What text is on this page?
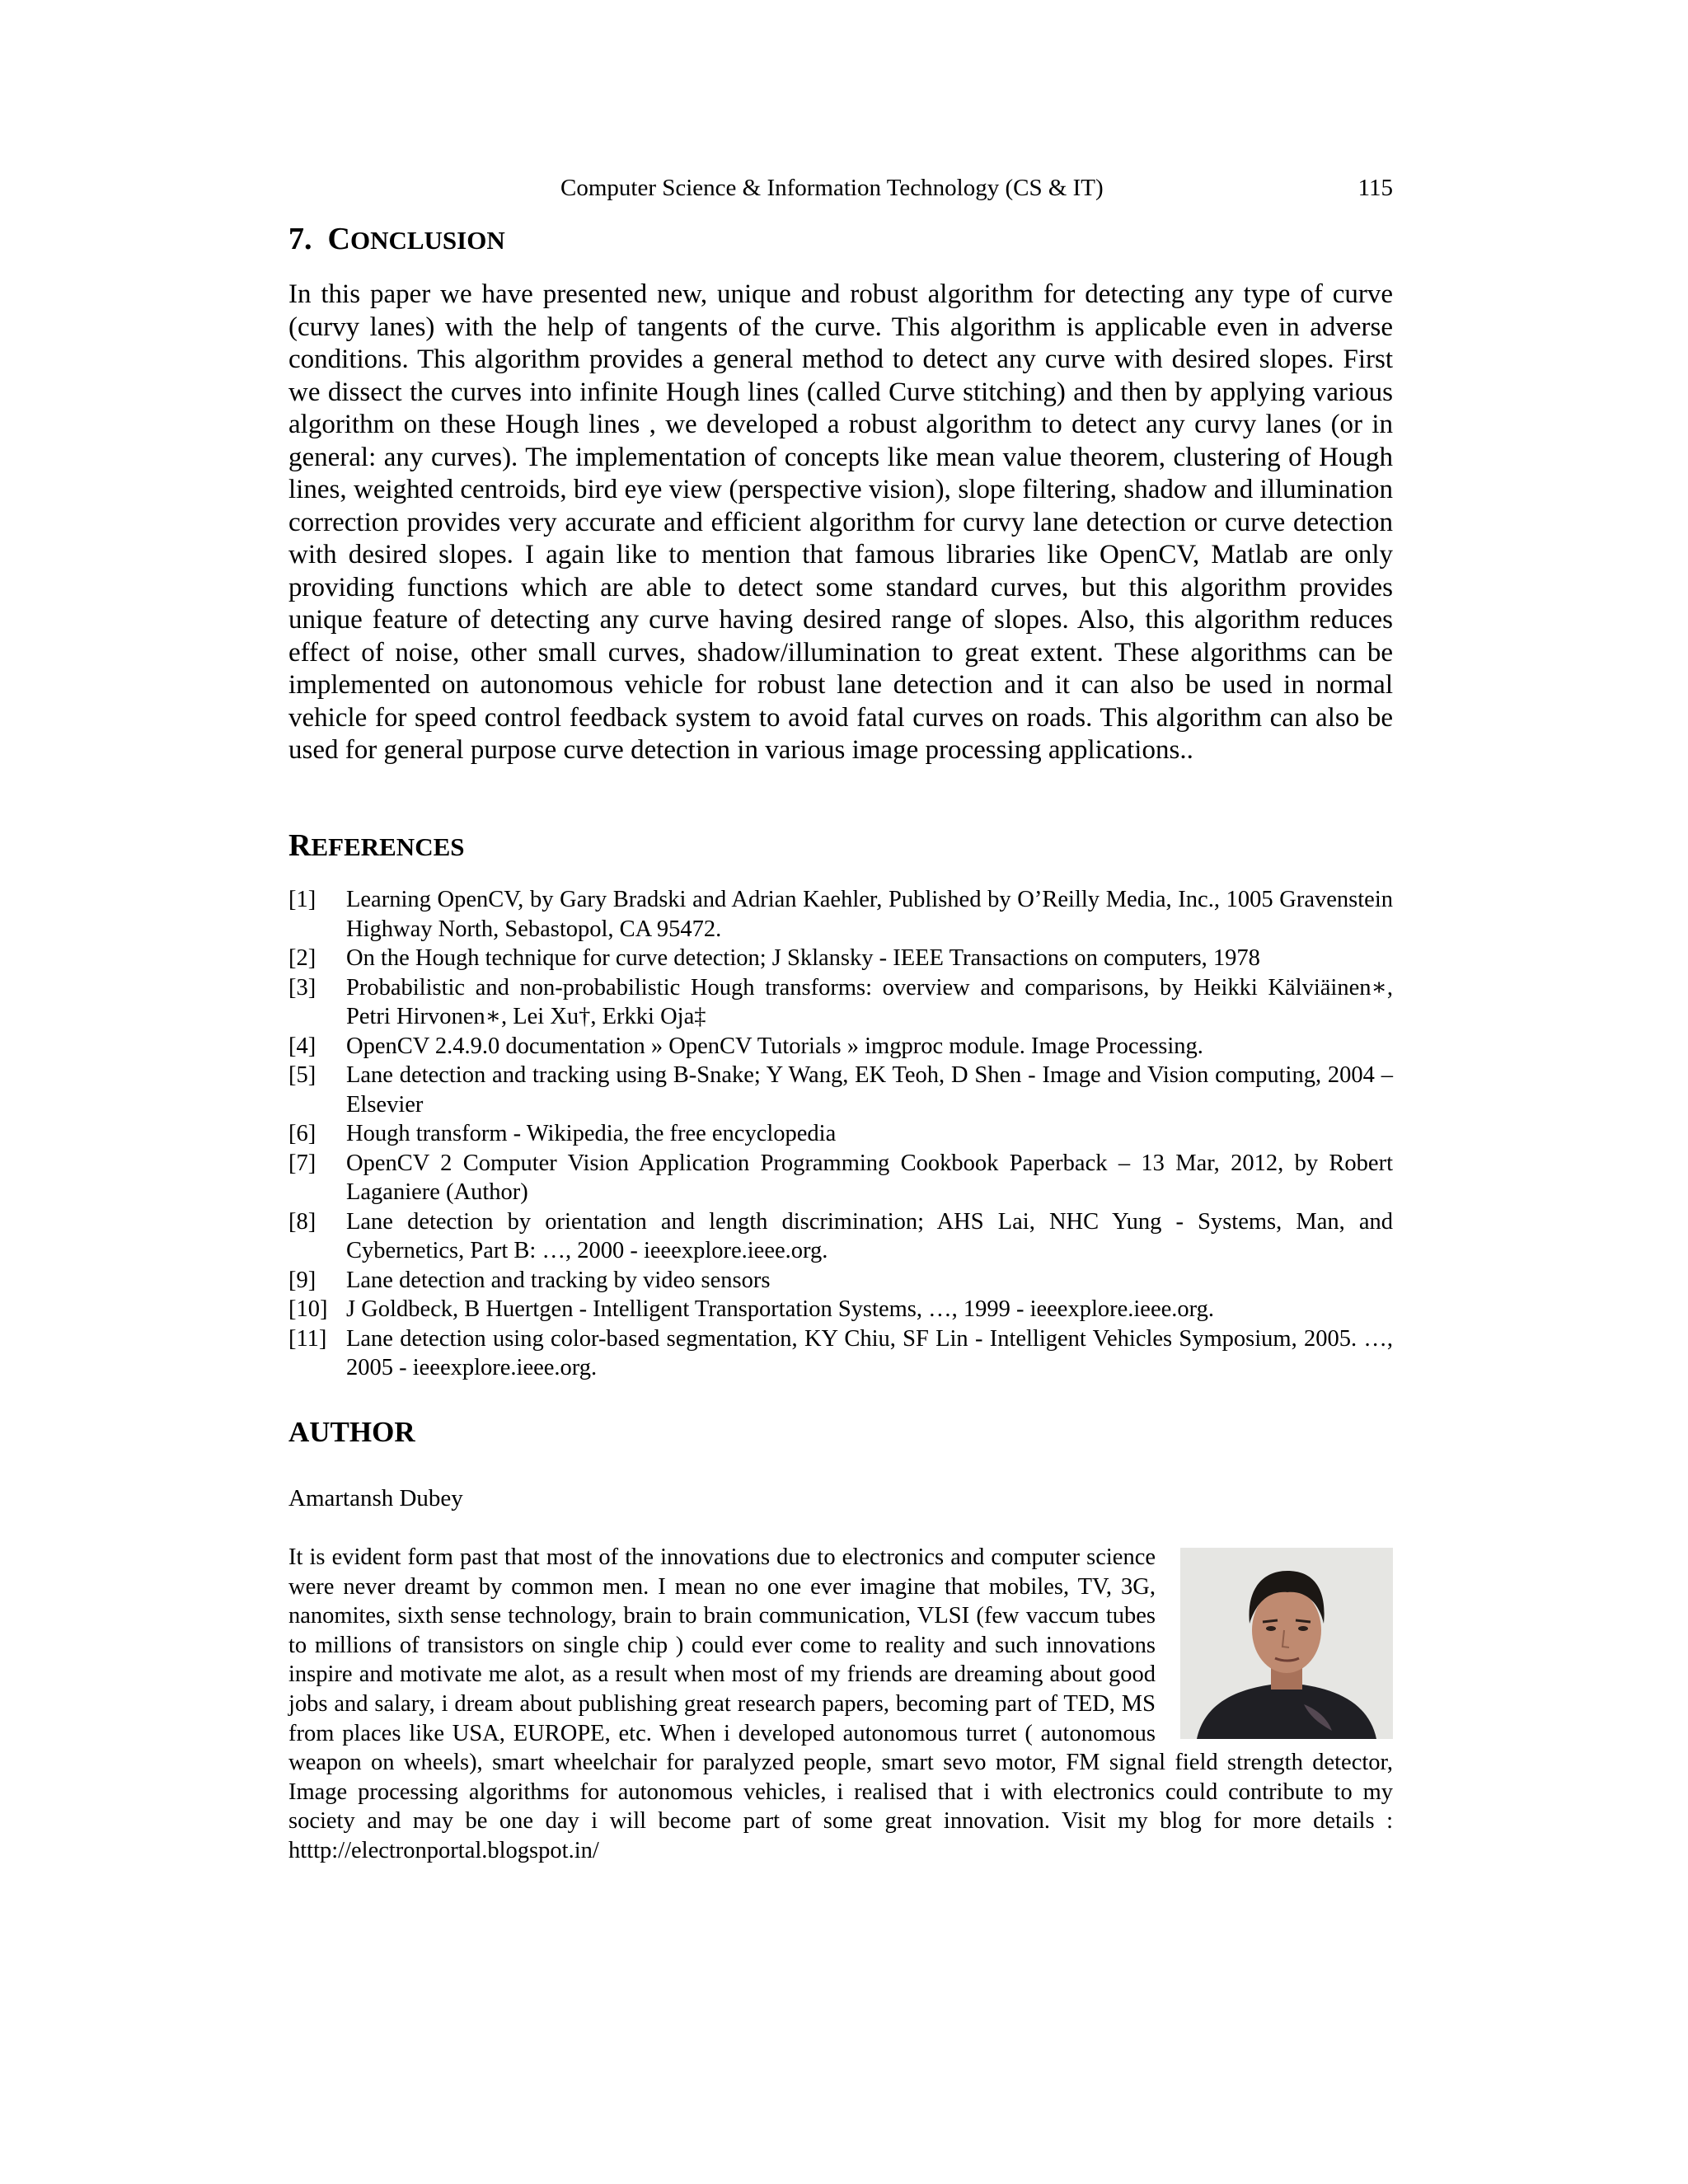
Computer Science & Information Technology (CS & IT)	115
7. CONCLUSION
In this paper we have presented new, unique and robust algorithm for detecting any type of curve (curvy lanes) with the help of tangents of the curve. This algorithm is applicable even in adverse conditions. This algorithm provides a general method to detect any curve with desired slopes. First we dissect the curves into infinite Hough lines (called Curve stitching) and then by applying various algorithm on these Hough lines , we developed a robust algorithm to detect any curvy lanes (or in general: any curves). The implementation of concepts like mean value theorem, clustering of Hough lines, weighted centroids, bird eye view (perspective vision), slope filtering, shadow and illumination correction provides very accurate and efficient algorithm for curvy lane detection or curve detection with desired slopes. I again like to mention that famous libraries like OpenCV, Matlab are only providing functions which are able to detect some standard curves, but this algorithm provides unique feature of detecting any curve having desired range of slopes. Also, this algorithm reduces effect of noise, other small curves, shadow/illumination to great extent. These algorithms can be implemented on autonomous vehicle for robust lane detection and it can also be used in normal vehicle for speed control feedback system to avoid fatal curves on roads. This algorithm can also be used for general purpose curve detection in various image processing applications..
REFERENCES
[1] Learning OpenCV, by Gary Bradski and Adrian Kaehler, Published by O’Reilly Media, Inc., 1005 Gravenstein Highway North, Sebastopol, CA 95472.
[2] On the Hough technique for curve detection; J Sklansky - IEEE Transactions on computers, 1978
[3] Probabilistic and non-probabilistic Hough transforms: overview and comparisons, by Heikki Kälviäinen∗, Petri Hirvonen∗, Lei Xu†, Erkki Oja‡
[4] OpenCV 2.4.9.0 documentation » OpenCV Tutorials » imgproc module. Image Processing.
[5] Lane detection and tracking using B-Snake; Y Wang, EK Teoh, D Shen - Image and Vision computing, 2004 – Elsevier
[6] Hough transform - Wikipedia, the free encyclopedia
[7] OpenCV 2 Computer Vision Application Programming Cookbook Paperback – 13 Mar, 2012, by Robert Laganiere (Author)
[8] Lane detection by orientation and length discrimination; AHS Lai, NHC Yung - Systems, Man, and Cybernetics, Part B: …, 2000 - ieeexplore.ieee.org.
[9] Lane detection and tracking by video sensors
[10] J Goldbeck, B Huertgen - Intelligent Transportation Systems, …, 1999 - ieeexplore.ieee.org.
[11] Lane detection using color-based segmentation, KY Chiu, SF Lin - Intelligent Vehicles Symposium, 2005. …, 2005 - ieeexplore.ieee.org.
AUTHOR
Amartansh Dubey
It is evident form past that most of the innovations due to electronics and computer science were never dreamt by common men. I mean no one ever imagine that mobiles, TV, 3G, nanomites, sixth sense technology, brain to brain communication, VLSI (few vaccum tubes to millions of transistors on single chip ) could ever come to reality and such innovations inspire and motivate me alot, as a result when most of my friends are dreaming about good jobs and salary, i dream about publishing great research papers, becoming part of TED, MS from places like USA, EUROPE, etc. When i developed autonomous turret ( autonomous weapon on wheels), smart wheelchair for paralyzed people, smart sevo motor, FM signal field strength detector, Image processing algorithms for autonomous vehicles, i realised that i with electronics could contribute to my society and may be one day i will become part of some great innovation. Visit my blog for more details : htttp://electronportal.blogspot.in/
